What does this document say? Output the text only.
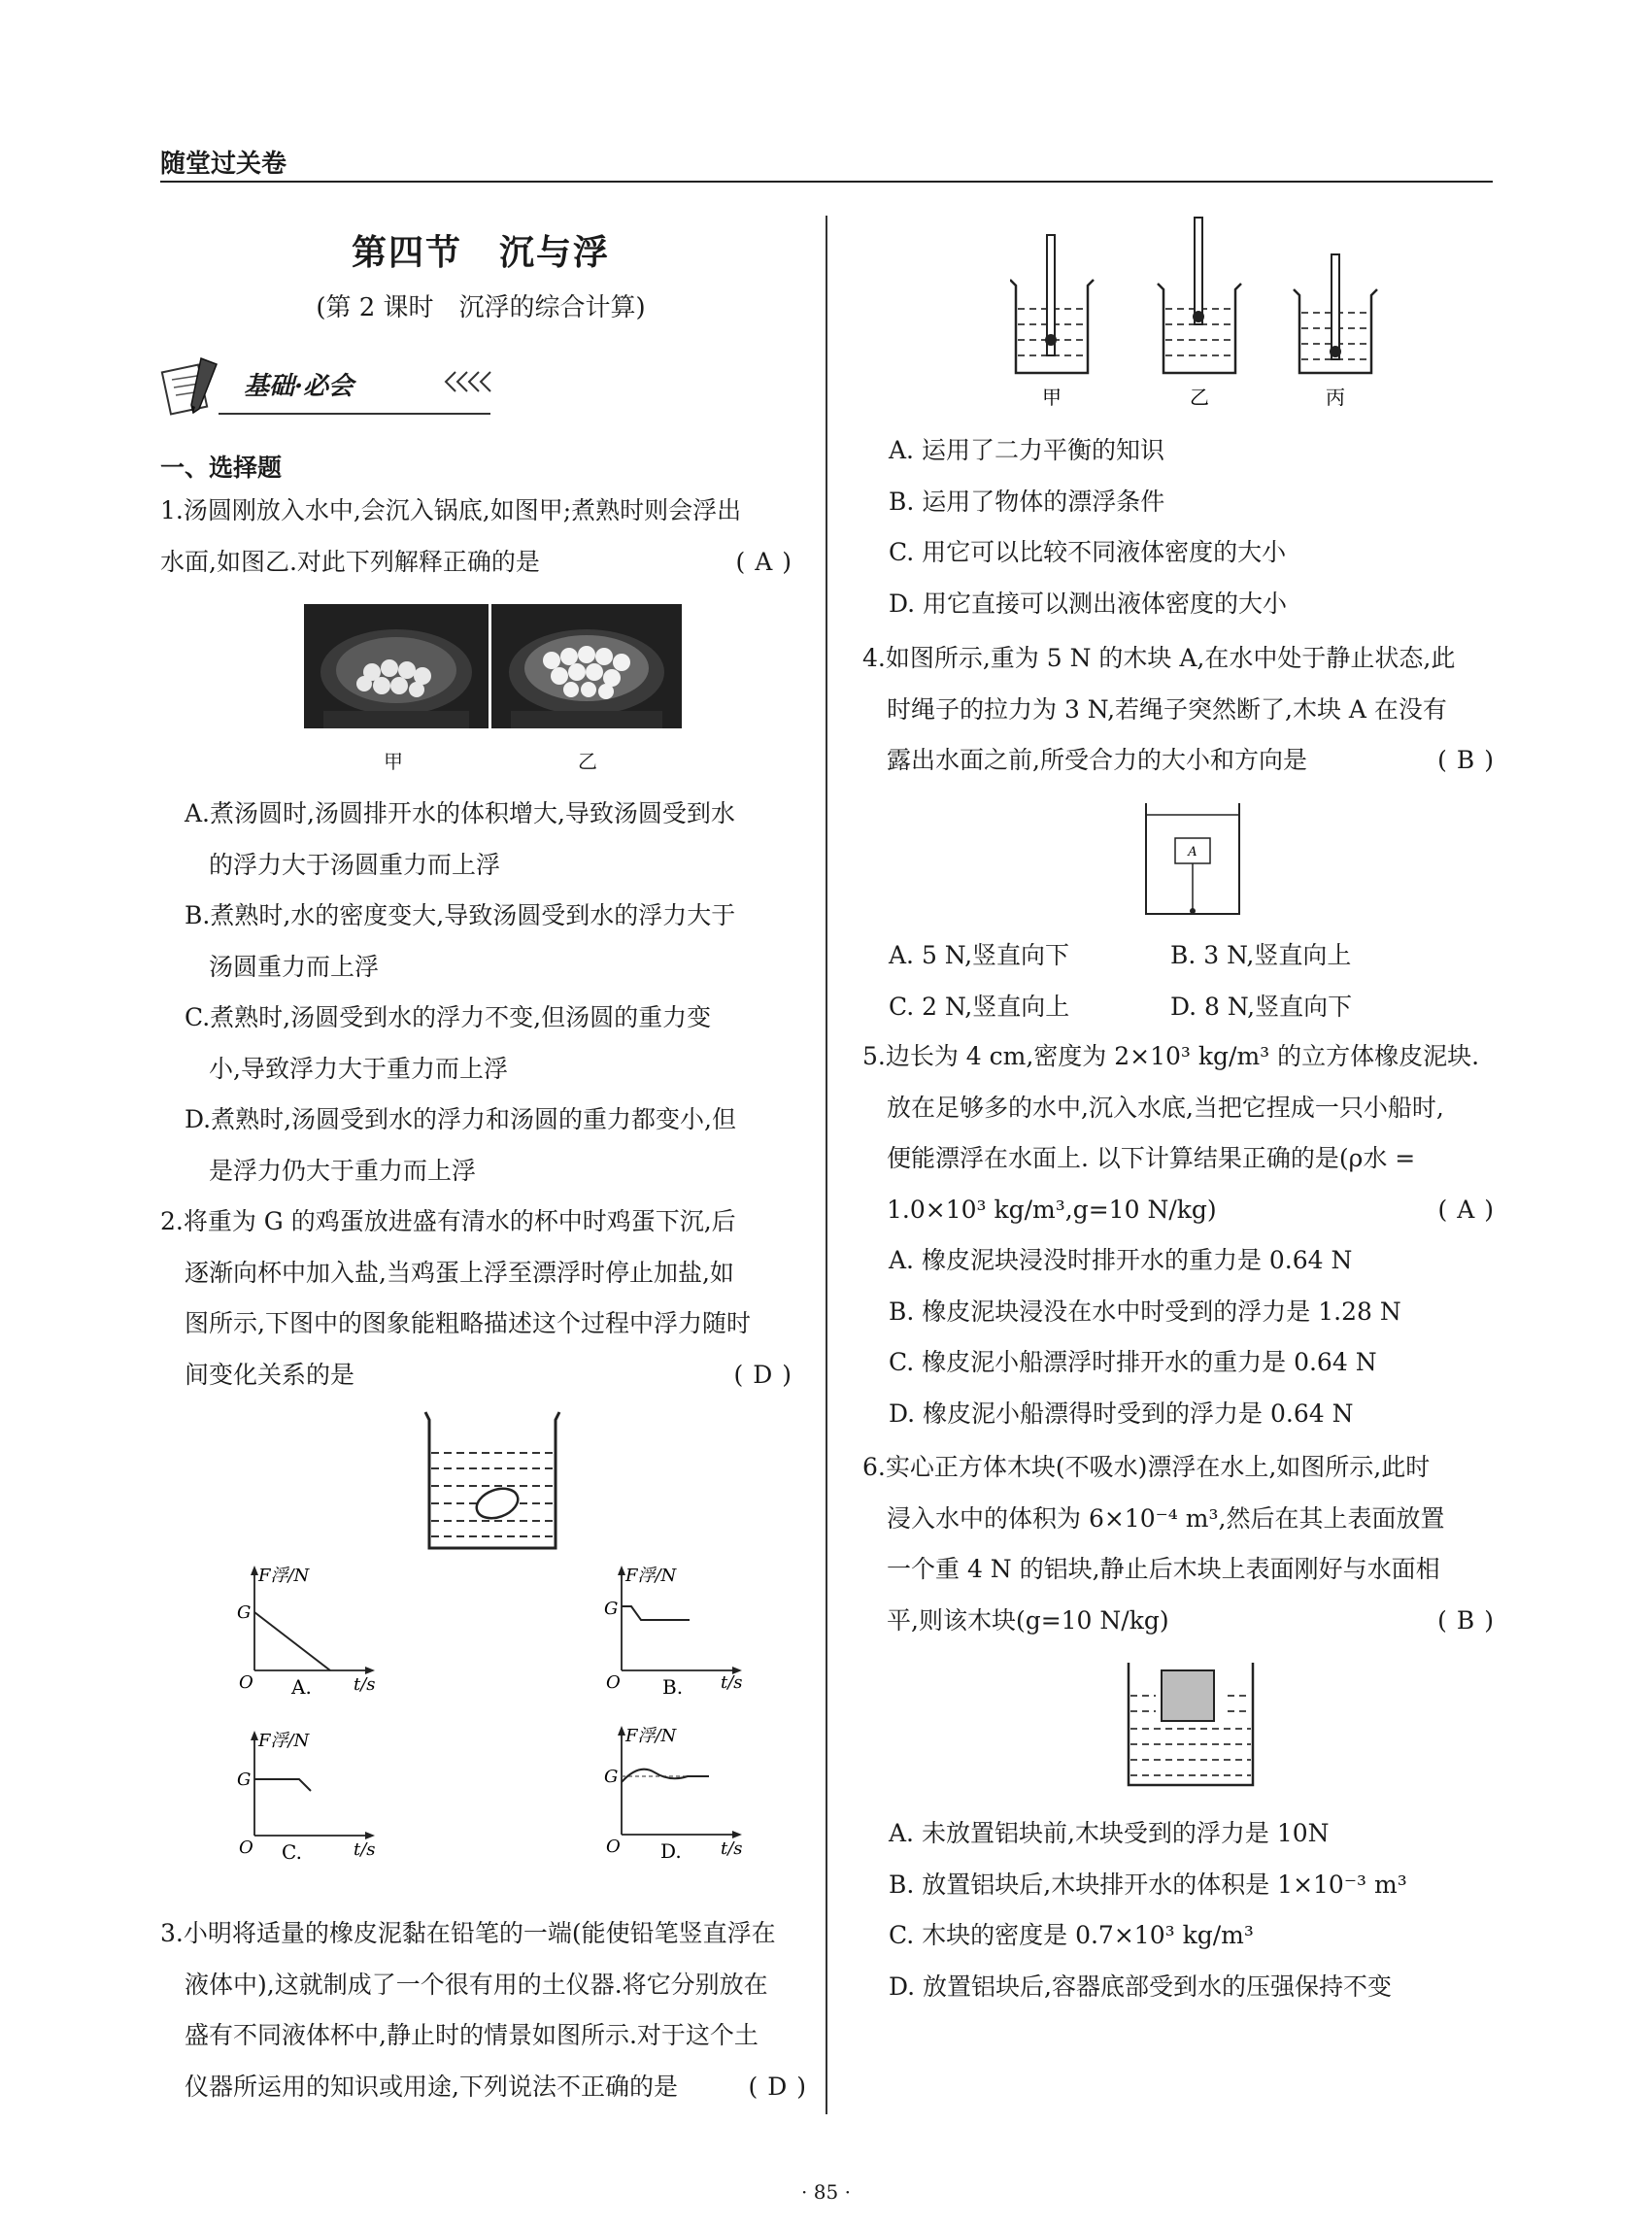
随堂过关卷
第四节　沉与浮
(第 2 课时　沉浮的综合计算)
基础·必会
一、选择题

1.汤圆刚放入水中,会沉入锅底,如图甲;煮熟时则会浮出

水面,如图乙.对此下列解释正确的是	(A)

甲	乙

A.煮汤圆时,汤圆排开水的体积增大,导致汤圆受到水

的浮力大于汤圆重力而上浮

B.煮熟时,水的密度变大,导致汤圆受到水的浮力大于

汤圆重力而上浮

C.煮熟时,汤圆受到水的浮力不变,但汤圆的重力变

小,导致浮力大于重力而上浮

D.煮熟时,汤圆受到水的浮力和汤圆的重力都变小,但

是浮力仍大于重力而上浮

2.将重为 G 的鸡蛋放进盛有清水的杯中时鸡蛋下沉,后

逐渐向杯中加入盐,当鸡蛋上浮至漂浮时停止加盐,如

图所示,下图中的图象能粗略描述这个过程中浮力随时

间变化关系的是	(D)

F浮/N
G
O	t/s
A.
F浮/N
G
O	t/s
B.
F浮/N
G
O	t/s
C.
F浮/N
G
O	t/s
D.

3.小明将适量的橡皮泥黏在铅笔的一端(能使铅笔竖直浮在

液体中),这就制成了一个很有用的土仪器.将它分别放在

盛有不同液体杯中,静止时的情景如图所示.对于这个土

仪器所运用的知识或用途,下列说法不正确的是	(D)

甲	乙	丙

A. 运用了二力平衡的知识

B. 运用了物体的漂浮条件

C. 用它可以比较不同液体密度的大小

D. 用它直接可以测出液体密度的大小

4.如图所示,重为 5 N 的木块 A,在水中处于静止状态,此

时绳子的拉力为 3 N,若绳子突然断了,木块 A 在没有

露出水面之前,所受合力的大小和方向是	(B)

A

A. 5 N,竖直向下	B. 3 N,竖直向上

C. 2 N,竖直向上	D. 8 N,竖直向下

5.边长为 4 cm,密度为 2×10³ kg/m³ 的立方体橡皮泥块.

放在足够多的水中,沉入水底,当把它捏成一只小船时,

便能漂浮在水面上. 以下计算结果正确的是(ρ水 =

1.0×10³ kg/m³,g=10 N/kg)	(A)

A. 橡皮泥块浸没时排开水的重力是 0.64 N

B. 橡皮泥块浸没在水中时受到的浮力是 1.28 N

C. 橡皮泥小船漂浮时排开水的重力是 0.64 N

D. 橡皮泥小船漂得时受到的浮力是 0.64 N

6.实心正方体木块(不吸水)漂浮在水上,如图所示,此时

浸入水中的体积为 6×10⁻⁴ m³,然后在其上表面放置

一个重 4 N 的铝块,静止后木块上表面刚好与水面相

平,则该木块(g=10 N/kg)	(B)

A. 未放置铝块前,木块受到的浮力是 10N

B. 放置铝块后,木块排开水的体积是 1×10⁻³ m³

C. 木块的密度是 0.7×10³ kg/m³

D. 放置铝块后,容器底部受到水的压强保持不变

· 85 ·
